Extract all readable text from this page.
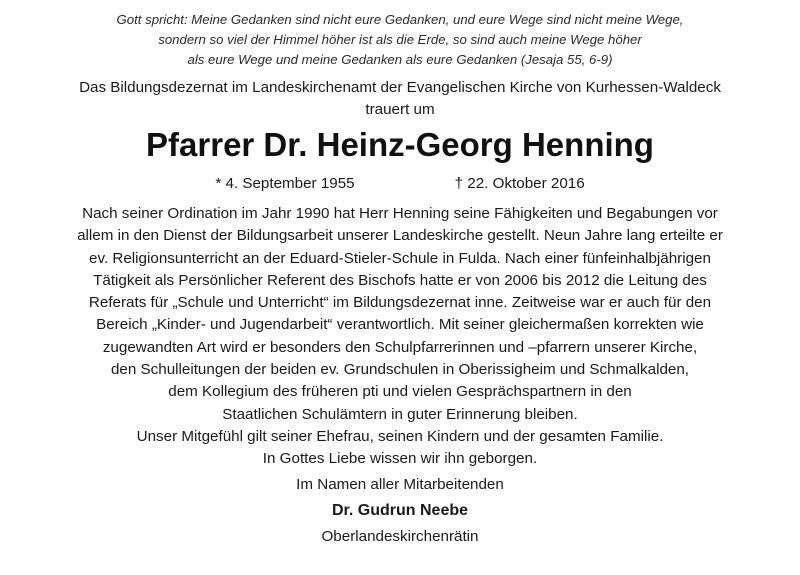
Gott spricht: Meine Gedanken sind nicht eure Gedanken, und eure Wege sind nicht meine Wege,
sondern so viel der Himmel höher ist als die Erde, so sind auch meine Wege höher
als eure Wege und meine Gedanken als eure Gedanken (Jesaja 55, 6-9)

Das Bildungsdezernat im Landeskirchenamt der Evangelischen Kirche von Kurhessen-Waldeck
trauert um
Pfarrer Dr. Heinz-Georg Henning
* 4. September 1955	† 22. Oktober 2016
Nach seiner Ordination im Jahr 1990 hat Herr Henning seine Fähigkeiten und Begabungen vor
allem in den Dienst der Bildungsarbeit unserer Landeskirche gestellt. Neun Jahre lang erteilte er
ev. Religionsunterricht an der Eduard-Stieler-Schule in Fulda. Nach einer fünfeinhalbjährigen
Tätigkeit als Persönlicher Referent des Bischofs hatte er von 2006 bis 2012 die Leitung des
Referats für „Schule und Unterricht“ im Bildungsdezernat inne. Zeitweise war er auch für den
Bereich „Kinder- und Jugendarbeit“ verantwortlich. Mit seiner gleichermaßen korrekten wie
zugewandten Art wird er besonders den Schulpfarrerinnen und –pfarrern unserer Kirche,
den Schulleitungen der beiden ev. Grundschulen in Oberissigheim und Schmalkalden,
dem Kollegium des früheren pti und vielen Gesprächspartnern in den
Staatlichen Schulämtern in guter Erinnerung bleiben.
Unser Mitgefühl gilt seiner Ehefrau, seinen Kindern und der gesamten Familie.
In Gottes Liebe wissen wir ihn geborgen.
Im Namen aller Mitarbeitenden
Dr. Gudrun Neebe
Oberlandeskirchenrätin
